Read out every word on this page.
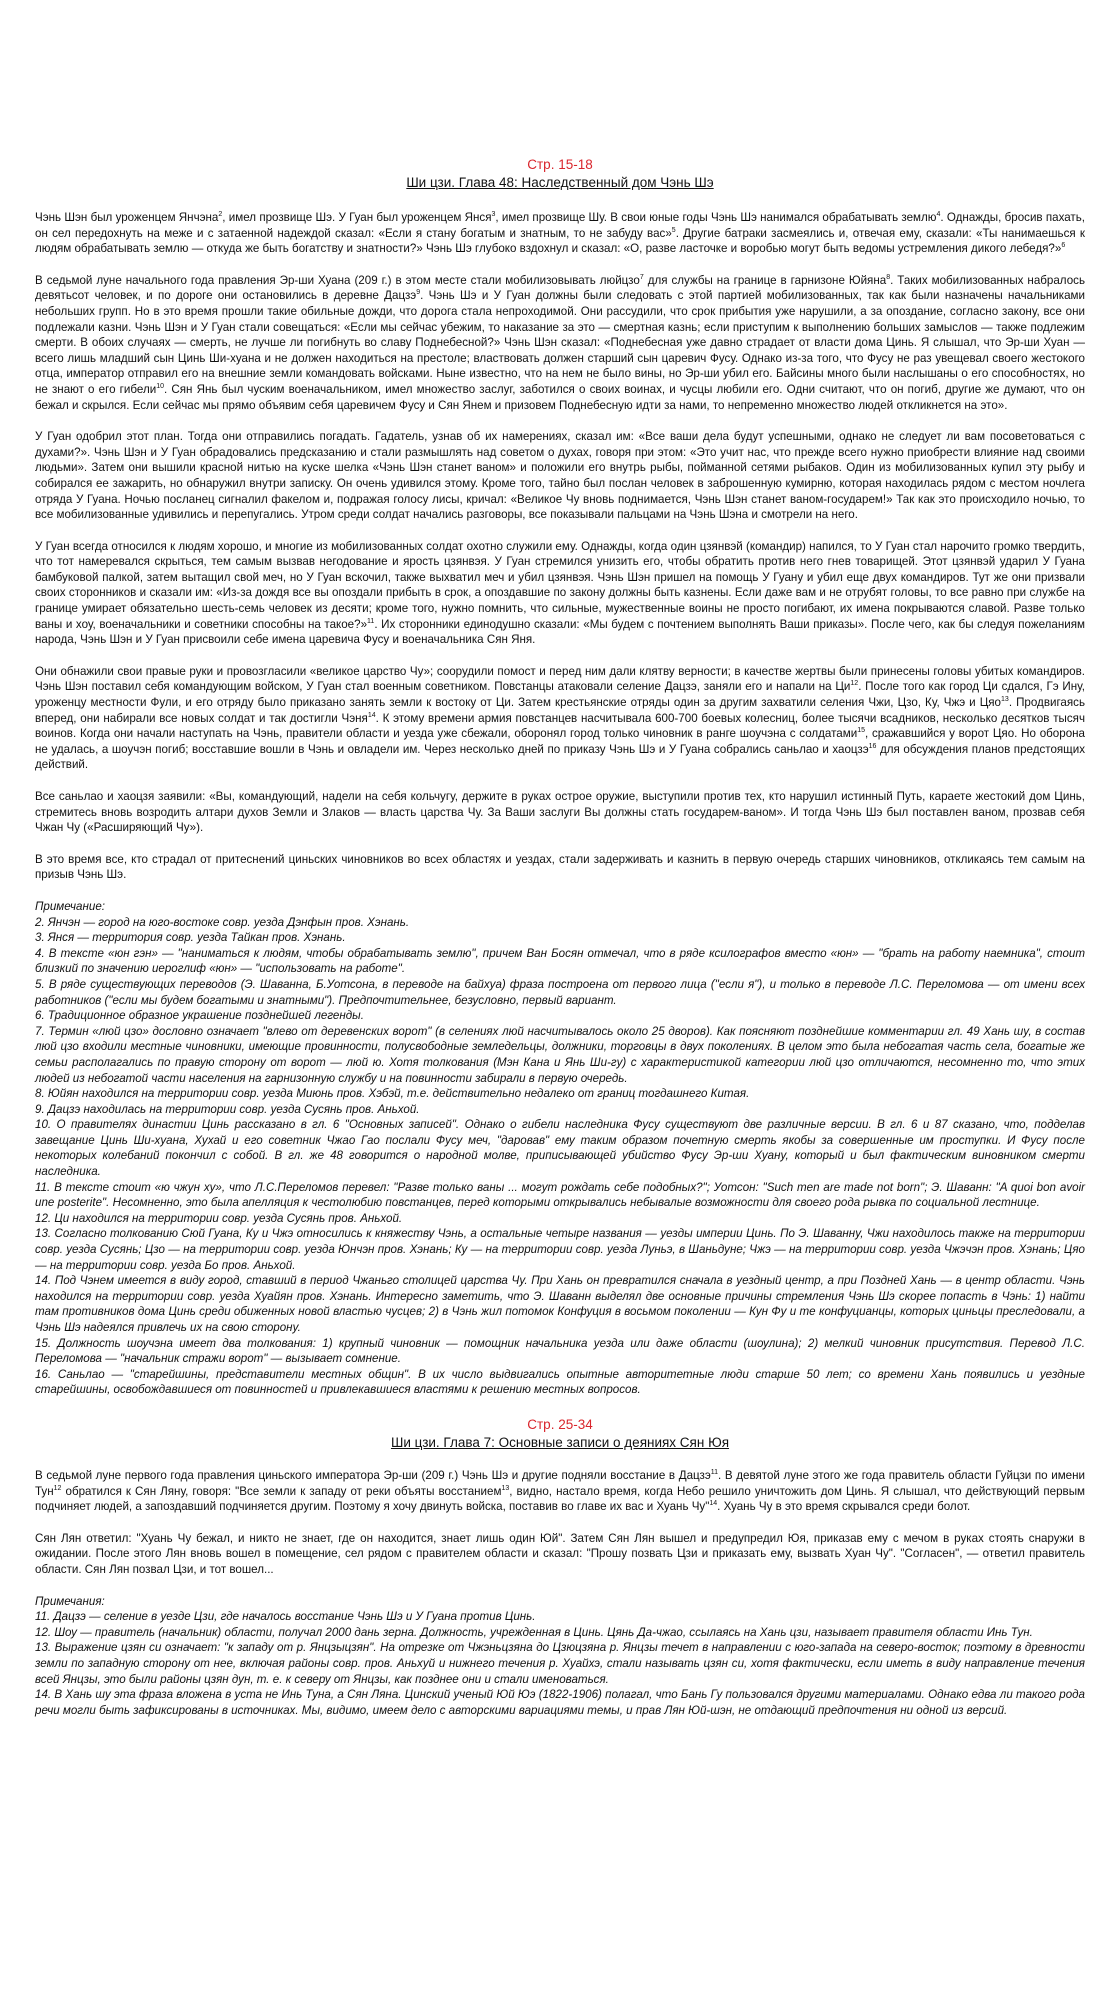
Стр. 15-18
Ши цзи. Глава 48: Наследственный дом Чэнь Шэ

Чэнь Шэн был уроженцем Янчэна$^2$, имел прозвище Шэ. У Гуан был уроженцем Янся$^3$, имел прозвище Шу. В свои юные годы Чэнь Шэ нанимался обрабатывать землю$^4$. Однажды, бросив пахать, он сел передохнуть на меже и с затаенной надеждой сказал: «Если я стану богатым и знатным, то не забуду вас»$^5$. Другие батраки засмеялись и, отвечая ему, сказали: «Ты нанимаешься к людям обрабатывать землю — откуда же быть богатству и знатности?» Чэнь Шэ глубоко вздохнул и сказал: «О, разве ласточке и воробью могут быть ведомы устремления дикого лебедя?»$^6$

В седьмой луне начального года правления Эр-ши Хуана (209 г.) в этом месте стали мобилизовывать люйцзо$^7$ для службы на границе в гарнизоне Юйяна$^8$. Таких мобилизованных набралось девятьсот человек, и по дороге они остановились в деревне Дацзэ$^9$. Чэнь Шэ и У Гуан должны были следовать с этой партией мобилизованных, так как были назначены начальниками небольших групп. Но в это время прошли такие обильные дожди, что дорога стала непроходимой. Они рассудили, что срок прибытия уже нарушили, а за опоздание, согласно закону, все они подлежали казни. Чэнь Шэн и У Гуан стали совещаться: «Если мы сейчас убежим, то наказание за это — смертная казнь; если приступим к выполнению больших замыслов — также подлежим смерти. В обоих случаях — смерть, не лучше ли погибнуть во славу Поднебесной?» Чэнь Шэн сказал: «Поднебесная уже давно страдает от власти дома Цинь. Я слышал, что Эр-ши Хуан — всего лишь младший сын Цинь Ши-хуана и не должен находиться на престоле; властвовать должен старший сын царевич Фусу. Однако из-за того, что Фусу не раз увещевал своего жестокого отца, император отправил его на внешние земли командовать войсками. Ныне известно, что на нем не было вины, но Эр-ши убил его. Байсины много были наслышаны о его способностях, но не знают о его гибели$^{10}$. Сян Янь был чуским военачальником, имел множество заслуг, заботился о своих воинах, и чусцы любили его. Одни считают, что он погиб, другие же думают, что он бежал и скрылся. Если сейчас мы прямо объявим себя царевичем Фусу и Сян Янем и призовем Поднебесную идти за нами, то непременно множество людей откликнется на это».

У Гуан одобрил этот план. Тогда они отправились погадать. Гадатель, узнав об их намерениях, сказал им: «Все ваши дела будут успешными, однако не следует ли вам посоветоваться с духами?». Чэнь Шэн и У Гуан обрадовались предсказанию и стали размышлять над советом о духах, говоря при этом: «Это учит нас, что прежде всего нужно приобрести влияние над своими людьми». Затем они вышили красной нитью на куске шелка «Чэнь Шэн станет ваном» и положили его внутрь рыбы, пойманной сетями рыбаков. Один из мобилизованных купил эту рыбу и собирался ее зажарить, но обнаружил внутри записку. Он очень удивился этому. Кроме того, тайно был послан человек в заброшенную кумирню, которая находилась рядом с местом ночлега отряда У Гуана. Ночью посланец сигналил факелом и, подражая голосу лисы, кричал: «Великое Чу вновь поднимается, Чэнь Шэн станет ваном-государем!» Так как это происходило ночью, то все мобилизованные удивились и перепугались. Утром среди солдат начались разговоры, все показывали пальцами на Чэнь Шэна и смотрели на него.

У Гуан всегда относился к людям хорошо, и многие из мобилизованных солдат охотно служили ему. Однажды, когда один цзянвэй (командир) напился, то У Гуан стал нарочито громко твердить, что тот намеревался скрыться, тем самым вызвав негодование и ярость цзянвэя. У Гуан стремился унизить его, чтобы обратить против него гнев товарищей. Этот цзянвэй ударил У Гуана бамбуковой палкой, затем вытащил свой меч, но У Гуан вскочил, также выхватил меч и убил цзянвэя. Чэнь Шэн пришел на помощь У Гуану и убил еще двух командиров. Тут же они призвали своих сторонников и сказали им: «Из-за дождя все вы опоздали прибыть в срок, а опоздавшие по закону должны быть казнены. Если даже вам и не отрубят головы, то все равно при службе на границе умирает обязательно шесть-семь человек из десяти; кроме того, нужно помнить, что сильные, мужественные воины не просто погибают, их имена покрываются славой. Разве только ваны и хоу, военачальники и советники способны на такое?»$^{11}$. Их сторонники единодушно сказали: «Мы будем с почтением выполнять Ваши приказы». После чего, как бы следуя пожеланиям народа, Чэнь Шэн и У Гуан присвоили себе имена царевича Фусу и военачальника Сян Яня.

Они обнажили свои правые руки и провозгласили «великое царство Чу»; соорудили помост и перед ним дали клятву верности; в качестве жертвы были принесены головы убитых командиров. Чэнь Шэн поставил себя командующим войском, У Гуан стал военным советником. Повстанцы атаковали селение Дацзэ, заняли его и напали на $Ци^{12}$. После того как город Ци сдался, Гэ Ину, уроженцу местности Фули, и его отряду было приказано занять земли к востоку от Ци. Затем крестьянские отряды один за другим захватили селения Чжи, Цзо, Ку, Чжэ и Цяо$^{13}$. Продвигаясь вперед, они набирали все новых солдат и так достигли Чэня$^{14}$. К этому времени армия повстанцев насчитывала 600-700 боевых колесниц, более тысячи всадников, несколько десятков тысяч воинов. Когда они начали наступать на Чэнь, правители области и уезда уже сбежали, оборонял город только чиновник в ранге шоучэна с солдатами$^{15}$, сражавшийся у ворот Цяо. Но оборона не удалась, а шоучэн погиб; восставшие вошли в Чэнь и овладели им. Через несколько дней по приказу Чэнь Шэ и У Гуана собрались саньлао и хаоцзэ$^{16}$ для обсуждения планов предстоящих действий.

Все саньлао и хаоцзя заявили: «Вы, командующий, надели на себя кольчугу, держите в руках острое оружие, выступили против тех, кто нарушил истинный Путь, караете жестокий дом Цинь, стремитесь вновь возродить алтари духов Земли и Злаков — власть царства Чу. За Ваши заслуги Вы должны стать государем-ваном». И тогда Чэнь Шэ был поставлен ваном, прозвав себя Чжан Чу («Расширяющий Чу»).

В это время все, кто страдал от притеснений циньских чиновников во всех областях и уездах, стали задерживать и казнить в первую очередь старших чиновников, откликаясь тем самым на призыв Чэнь Шэ.

Примечание:
2. Янчэн — город на юго-востоке совр. уезда Дэнфын пров. Хэнань.
3. Янся — территория совр. уезда Тайкан пров. Хэнань.
4. В тексте «юн гэн» — "наниматься к людям, чтобы обрабатывать землю", причем Ван Босян отмечал, что в ряде ксилографов вместо «юн» — "брать на работу наемника", стоит близкий по значению иероглиф «юн» — "использовать на работе".
5. В ряде существующих переводов (Э. Шаванна, Б.Уотсона, в переводе на байхуа) фраза построена от первого лица ("если я"), и только в переводе Л.С. Переломова — от имени всех работников ("если мы будем богатыми и знатными"). Предпочтительнее, безусловно, первый вариант.
6. Традиционное образное украшение позднейшей легенды.
7. Термин «люй цзо» дословно означает "влево от деревенских ворот" (в селениях люй насчитывалось около 25 дворов). Как поясняют позднейшие комментарии гл. 49 Хань шу, в состав люй цзо входили местные чиновники, имеющие провинности, полусвободные земледельцы, должники, торговцы в двух поколениях. В целом это была небогатая часть села, богатые же семьи располагались по правую сторону от ворот — люй ю. Хотя толкования (Мэн Кана и Янь Ши-гу) с характеристикой категории люй цзо отличаются, несомненно то, что этих людей из небогатой части населения на гарнизонную службу и на повинности забирали в первую очередь.
8. Юйян находился на территории совр. уезда Миюнь пров. Хэбэй, т.е. действительно недалеко от границ тогдашнего Китая.
9. Дацзэ находилась на территории совр. уезда Сусянь пров. Аньхой.
10. О правителях династии Цинь рассказано в гл. 6 "Основных записей". Однако о гибели наследника Фусу существуют две различные версии. В гл. 6 и 87 сказано, что, подделав завещание Цинь Ши-хуана, Хухай и его советник Чжао Гао послали Фусу меч, "даровав" ему таким образом почетную смерть якобы за совершенные им проступки. И Фусу после некоторых колебаний покончил с собой. В гл. же 48 говорится о народной молве, приписывающей убийство Фусу Эр-ши Хуану, который и был фактическим виновником смерти наследника.
11. В тексте стоит «ю чжун ху», что Л.С.Переломов перевел: "Разве только ваны ... могут рождать себе подобных?"; Уотсон: "Such men are made not born"; Э. Шаванн: "A quoi bon avoir une posterite". Несомненно, это была апелляция к честолюбию повстанцев, перед которыми открывались небывалые возможности для своего рода рывка по социальной лестнице.
12. Ци находился на территории совр. уезда Сусянь пров. Аньхой.
13. Согласно толкованию Сюй Гуана, Ку и Чжэ относились к княжеству Чэнь, а остальные четыре названия — уезды империи Цинь. По Э. Шаванну, Чжи находилось также на территории совр. уезда Сусянь; Цзо — на территории совр. уезда Юнчэн пров. Хэнань; Ку — на территории совр. уезда Луньэ, в Шаньдуне; Чжэ — на территории совр. уезда Чжэчэн пров. Хэнань; Цяо — на территории совр. уезда Бо пров. Аньхой.
14. Под Чэнем имеется в виду город, ставший в период Чжаньго столицей царства Чу. При Хань он превратился сначала в уездный центр, а при Поздней Хань — в центр области. Чэнь находился на территории совр. уезда Хуайян пров. Хэнань. Интересно заметить, что Э. Шаванн выделял две основные причины стремления Чэнь Шэ скорее попасть в Чэнь: 1) найти там противников дома Цинь среди обиженных новой властью чусцев; 2) в Чэнь жил потомок Конфуция в восьмом поколении — Кун Фу и те конфуцианцы, которых циньцы преследовали, а Чэнь Шэ надеялся привлечь их на свою сторону.
15. Должность шоучэна имеет два толкования: 1) крупный чиновник — помощник начальника уезда или даже области (шоулина); 2) мелкий чиновник присутствия. Перевод Л.С. Переломова — "начальник стражи ворот" — вызывает сомнение.
16. Саньлао — "старейшины, представители местных общин". В их число выдвигались опытные авторитетные люди старше 50 лет; со времени Хань появились и уездные старейшины, освобождавшиеся от повинностей и привлекавшиеся властями к решению местных вопросов.
Стр. 25-34
Ши цзи. Глава 7: Основные записи о деяниях Сян Юя

В седьмой луне первого года правления циньского императора Эр-ши (209 г.) Чэнь Шэ и другие подняли восстание в Дацзэ$^{11}$. В девятой луне этого же года правитель области Гуйцзи по имени Тун$^{12}$ обратился к Сян Ляну, говоря: "Все земли к западу от реки объяты восстанием$^{13}$, видно, настало время, когда Небо решило уничтожить дом Цинь. Я слышал, что действующий первым подчиняет людей, а запоздавший подчиняется другим. Поэтому я хочу двинуть войска, поставив во главе их вас и Хуань Чу"$^{14}$. Хуань Чу в это время скрывался среди болот.

Сян Лян ответил: "Хуань Чу бежал, и никто не знает, где он находится, знает лишь один Юй". Затем Сян Лян вышел и предупредил Юя, приказав ему с мечом в руках стоять снаружи в ожидании. После этого Лян вновь вошел в помещение, сел рядом с правителем области и сказал: "Прошу позвать Цзи и приказать ему, вызвать Хуан Чу". "Согласен", — ответил правитель области. Сян Лян позвал Цзи, и тот вошел...

Примечания:
11. Дацзэ — селение в уезде Цзи, где началось восстание Чэнь Шэ и У Гуана против Цинь.
12. Шоу — правитель (начальник) области, получал 2000 дань зерна. Должность, учрежденная в Цинь. Цянь Да-чжао, ссылаясь на Хань цзи, называет правителя области Инь Тун.
13. Выражение цзян си означает: "к западу от р. Янцзыцзян". На отрезке от Чжэньцзяна до Цзюцзяна р. Янцзы течет в направлении с юго-запада на северо-восток; поэтому в древности земли по западную сторону от нее, включая районы совр. пров. Аньхуй и нижнего течения р. Хуайхэ, стали называть цзян си, хотя фактически, если иметь в виду направление течения всей Янцзы, это были районы цзян дун, т. е. к северу от Янцзы, как позднее они и стали именоваться.
14. В Хань шу эта фраза вложена в уста не Инь Туна, а Сян Ляна. Цинский ученый Юй Юэ (1822-1906) полагал, что Бань Гу пользовался другими материалами. Однако едва ли такого рода речи могли быть зафиксированы в источниках. Мы, видимо, имеем дело с авторскими вариациями темы, и прав Лян Юй-шэн, не отдающий предпочтения ни одной из версий.
